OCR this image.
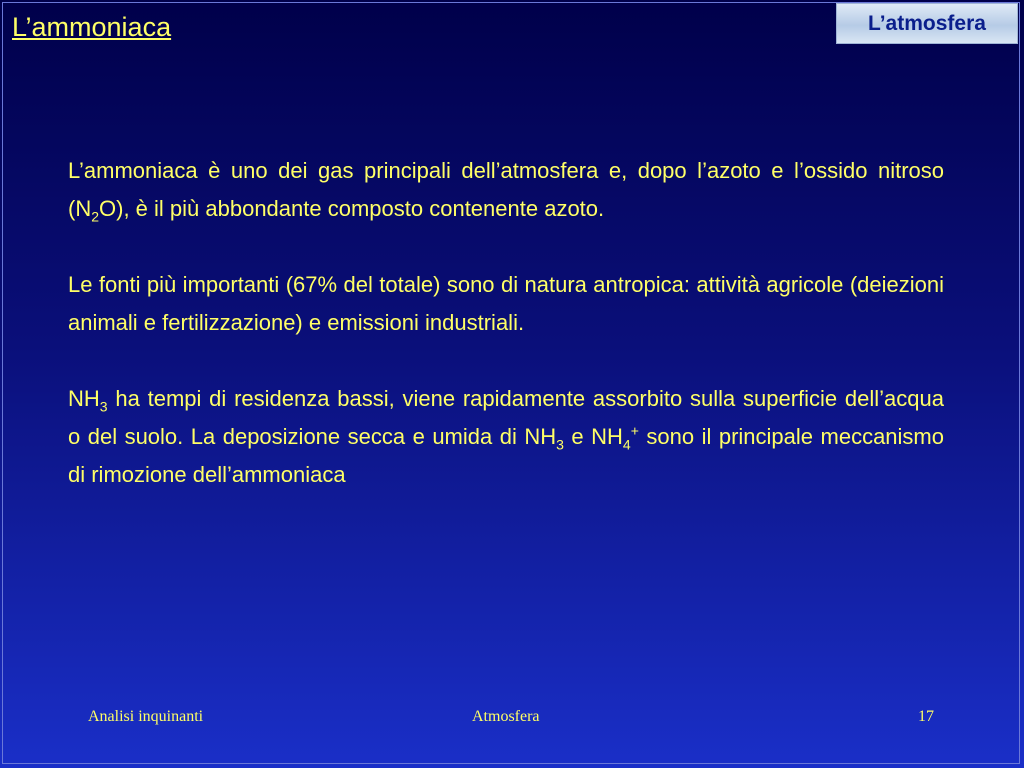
L’ammoniaca	L’atmosfera

L’ammoniaca è uno dei gas principali dell’atmosfera e, dopo l’azoto e l’ossido nitroso $(N_2O)$, è il più abbondante composto contenente azoto.

Le fonti più importanti (67% del totale) sono di natura antropica: attività agricole (deiezioni animali e fertilizzazione) e emissioni industriali.

$NH_3$ ha tempi di residenza bassi, viene rapidamente assorbito sulla superficie dell’acqua o del suolo. La deposizione secca e umida di $NH_3$ e $NH_4^+$ sono il principale meccanismo di rimozione dell’ammoniaca

Analisi inquinanti	Atmosfera	17
